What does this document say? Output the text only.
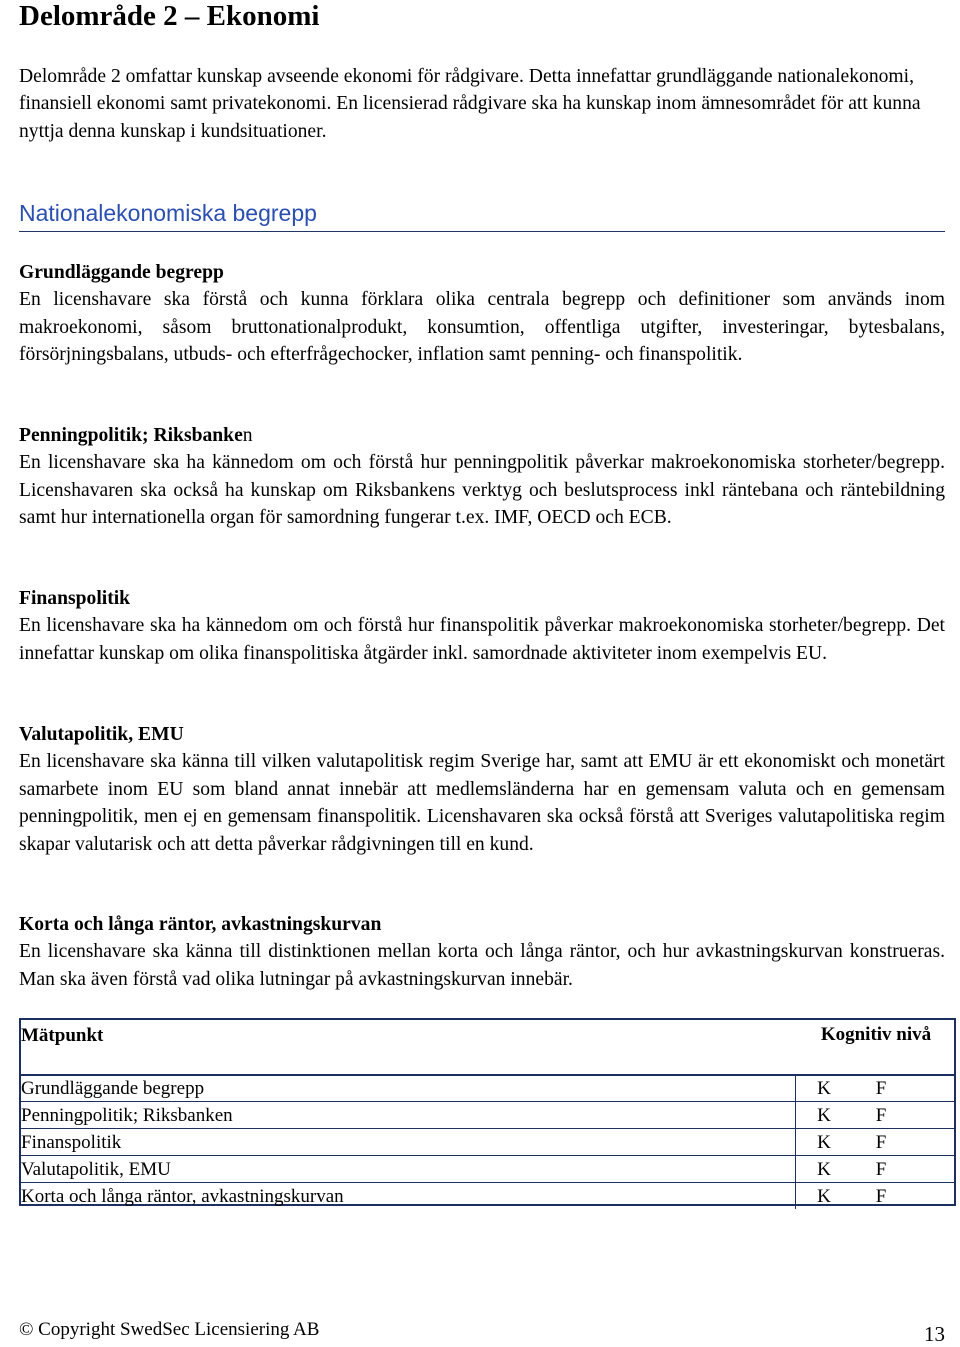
Delområde 2 – Ekonomi

Delområde 2 omfattar kunskap avseende ekonomi för rådgivare. Detta innefattar grundläggande nationalekonomi, finansiell ekonomi samt privatekonomi. En licensierad rådgivare ska ha kunskap inom ämnesområdet för att kunna nyttja denna kunskap i kundsituationer.

Nationalekonomiska begrepp

Grundläggande begrepp

En licenshavare ska förstå och kunna förklara olika centrala begrepp och definitioner som används inom makroekonomi, såsom bruttonationalprodukt, konsumtion, offentliga utgifter, investeringar, bytesbalans, försörjningsbalans, utbuds- och efterfrågechocker, inflation samt penning- och finanspolitik.

Penningpolitik; Riksbanken

En licenshavare ska ha kännedom om och förstå hur penningpolitik påverkar makroekonomiska storheter/begrepp. Licenshavaren ska också ha kunskap om Riksbankens verktyg och beslutsprocess inkl räntebana och räntebildning samt hur internationella organ för samordning fungerar t.ex. IMF, OECD och ECB.

Finanspolitik

En licenshavare ska ha kännedom om och förstå hur finanspolitik påverkar makroekonomiska storheter/begrepp. Det innefattar kunskap om olika finanspolitiska åtgärder inkl. samordnade aktiviteter inom exempelvis EU.

Valutapolitik, EMU

En licenshavare ska känna till vilken valutapolitisk regim Sverige har, samt att EMU är ett ekonomiskt och monetärt samarbete inom EU som bland annat innebär att medlemsländerna har en gemensam valuta och en gemensam penningpolitik, men ej en gemensam finanspolitik. Licenshavaren ska också förstå att Sveriges valutapolitiska regim skapar valutarisk och att detta påverkar rådgivningen till en kund.

Korta och långa räntor, avkastningskurvan

En licenshavare ska känna till distinktionen mellan korta och långa räntor, och hur avkastningskurvan konstrueras. Man ska även förstå vad olika lutningar på avkastningskurvan innebär.

Mätpunkt	Kognitiv nivå
Grundläggande begrepp	K	F
Penningpolitik; Riksbanken	K	F
Finanspolitik	K	F
Valutapolitik, EMU	K	F
Korta och långa räntor, avkastningskurvan	K	F
© Copyright SwedSec Licensiering AB	13
